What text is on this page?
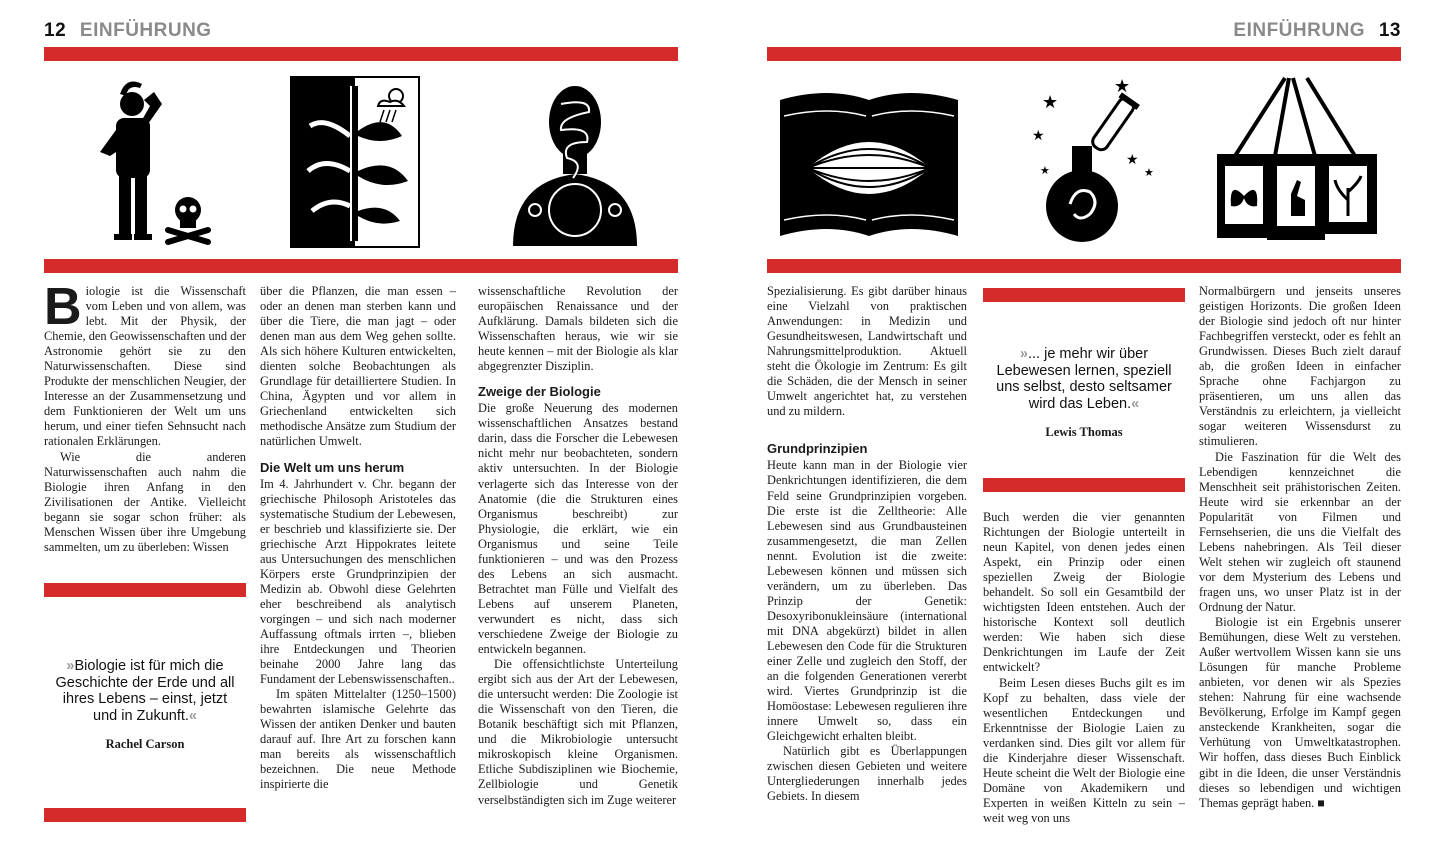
12 EINFÜHRUNG	EINFÜHRUNG 13
★
★
★
★
★
★

Biologie ist die Wissenschaft vom Leben und von allem, was lebt. Mit der Physik, der Chemie, den Geowissenschaften und der Astronomie gehört sie zu den Naturwissenschaften. Diese sind Produkte der menschlichen Neugier, der Interesse an der Zusammensetzung und dem Funktionieren der Welt um uns herum, und einer tiefen Sehnsucht nach rationalen Erklärungen.

Wie die anderen Naturwissenschaften auch nahm die Biologie ihren Anfang in den Zivilisationen der Antike. Vielleicht begann sie sogar schon früher: als Menschen Wissen über ihre Umgebung sammelten, um zu überleben: Wissen

»Biologie ist für mich die Geschichte der Erde und all ihres Lebens – einst, jetzt und in Zukunft.«
Rachel Carson

über die Pflanzen, die man essen – oder an denen man sterben kann und über die Tiere, die man jagt – oder denen man aus dem Weg gehen sollte. Als sich höhere Kulturen entwickelten, dienten solche Beobachtungen als Grundlage für detailliertere Studien. In China, Ägypten und vor allem in Griechenland entwickelten sich methodische Ansätze zum Studium der natürlichen Umwelt.

Die Welt um uns herum

Im 4. Jahrhundert v. Chr. begann der griechische Philosoph Aristoteles das systematische Studium der Lebewesen, er beschrieb und klassifizierte sie. Der griechische Arzt Hippokrates leitete aus Untersuchungen des menschlichen Körpers erste Grundprinzipien der Medizin ab. Obwohl diese Gelehrten eher beschreibend als analytisch vorgingen – und sich nach moderner Auffassung oftmals irrten –, blieben ihre Entdeckungen und Theorien beinahe 2000 Jahre lang das Fundament der Lebenswissenschaften..

Im späten Mittelalter (1250–1500) bewahrten islamische Gelehrte das Wissen der antiken Denker und bauten darauf auf. Ihre Art zu forschen kann man bereits als wissenschaftlich bezeichnen. Die neue Methode inspirierte die

wissenschaftliche Revolution der europäischen Renaissance und der Aufklärung. Damals bildeten sich die Wissenschaften heraus, wie wir sie heute kennen – mit der Biologie als klar abgegrenzter Disziplin.

Zweige der Biologie

Die große Neuerung des modernen wissenschaftlichen Ansatzes bestand darin, dass die Forscher die Lebewesen nicht mehr nur beobachteten, sondern aktiv untersuchten. In der Biologie verlagerte sich das Interesse von der Anatomie (die die Strukturen eines Organismus beschreibt) zur Physiologie, die erklärt, wie ein Organismus und seine Teile funktionieren – und was den Prozess des Lebens an sich ausmacht. Betrachtet man Fülle und Vielfalt des Lebens auf unserem Planeten, verwundert es nicht, dass sich verschiedene Zweige der Biologie zu entwickeln begannen.

Die offensichtlichste Unterteilung ergibt sich aus der Art der Lebewesen, die untersucht werden: Die Zoologie ist die Wissenschaft von den Tieren, die Botanik beschäftigt sich mit Pflanzen, und die Mikrobiologie untersucht mikroskopisch kleine Organismen. Etliche Subdisziplinen wie Biochemie, Zellbiologie und Genetik verselbständigten sich im Zuge weiterer

Spezialisierung. Es gibt darüber hinaus eine Vielzahl von praktischen Anwendungen: in Medizin und Gesundheitswesen, Landwirtschaft und Nahrungsmittelproduktion. Aktuell steht die Ökologie im Zentrum: Es gilt die Schäden, die der Mensch in seiner Umwelt angerichtet hat, zu verstehen und zu mildern.

Grundprinzipien

Heute kann man in der Biologie vier Denkrichtungen identifizieren, die dem Feld seine Grundprinzipien vorgeben. Die erste ist die Zelltheorie: Alle Lebewesen sind aus Grundbausteinen zusammengesetzt, die man Zellen nennt. Evolution ist die zweite: Lebewesen können und müssen sich verändern, um zu überleben. Das Prinzip der Genetik: Desoxyribonukleinsäure (international mit DNA abgekürzt) bildet in allen Lebewesen den Code für die Strukturen einer Zelle und zugleich den Stoff, der an die folgenden Generationen vererbt wird. Viertes Grundprinzip ist die Homöostase: Lebewesen regulieren ihre innere Umwelt so, dass ein Gleichgewicht erhalten bleibt.

Natürlich gibt es Überlappungen zwischen diesen Gebieten und weitere Untergliederungen innerhalb jedes Gebiets. In diesem

»... je mehr wir über Lebewesen lernen, speziell uns selbst, desto seltsamer wird das Leben.«
Lewis Thomas

Buch werden die vier genannten Richtungen der Biologie unterteilt in neun Kapitel, von denen jedes einen Aspekt, ein Prinzip oder einen speziellen Zweig der Biologie behandelt. So soll ein Gesamtbild der wichtigsten Ideen entstehen. Auch der historische Kontext soll deutlich werden: Wie haben sich diese Denkrichtungen im Laufe der Zeit entwickelt?

Beim Lesen dieses Buchs gilt es im Kopf zu behalten, dass viele der wesentlichen Entdeckungen und Erkenntnisse der Biologie Laien zu verdanken sind. Dies gilt vor allem für die Kinderjahre dieser Wissenschaft. Heute scheint die Welt der Biologie eine Domäne von Akademikern und Experten in weißen Kitteln zu sein – weit weg von uns

Normalbürgern und jenseits unseres geistigen Horizonts. Die großen Ideen der Biologie sind jedoch oft nur hinter Fachbegriffen versteckt, oder es fehlt an Grundwissen. Dieses Buch zielt darauf ab, die großen Ideen in einfacher Sprache ohne Fachjargon zu präsentieren, um uns allen das Verständnis zu erleichtern, ja vielleicht sogar weiteren Wissensdurst zu stimulieren.

Die Faszination für die Welt des Lebendigen kennzeichnet die Menschheit seit prähistorischen Zeiten. Heute wird sie erkennbar an der Popularität von Filmen und Fernsehserien, die uns die Vielfalt des Lebens nahebringen. Als Teil dieser Welt stehen wir zugleich oft staunend vor dem Mysterium des Lebens und fragen uns, wo unser Platz ist in der Ordnung der Natur.

Biologie ist ein Ergebnis unserer Bemühungen, diese Welt zu verstehen. Außer wertvollem Wissen kann sie uns Lösungen für manche Probleme anbieten, vor denen wir als Spezies stehen: Nahrung für eine wachsende Bevölkerung, Erfolge im Kampf gegen ansteckende Krankheiten, sogar die Verhütung von Umweltkatastrophen. Wir hoffen, dass dieses Buch Einblick gibt in die Ideen, die unser Verständnis dieses so lebendigen und wichtigen Themas geprägt haben. ■
